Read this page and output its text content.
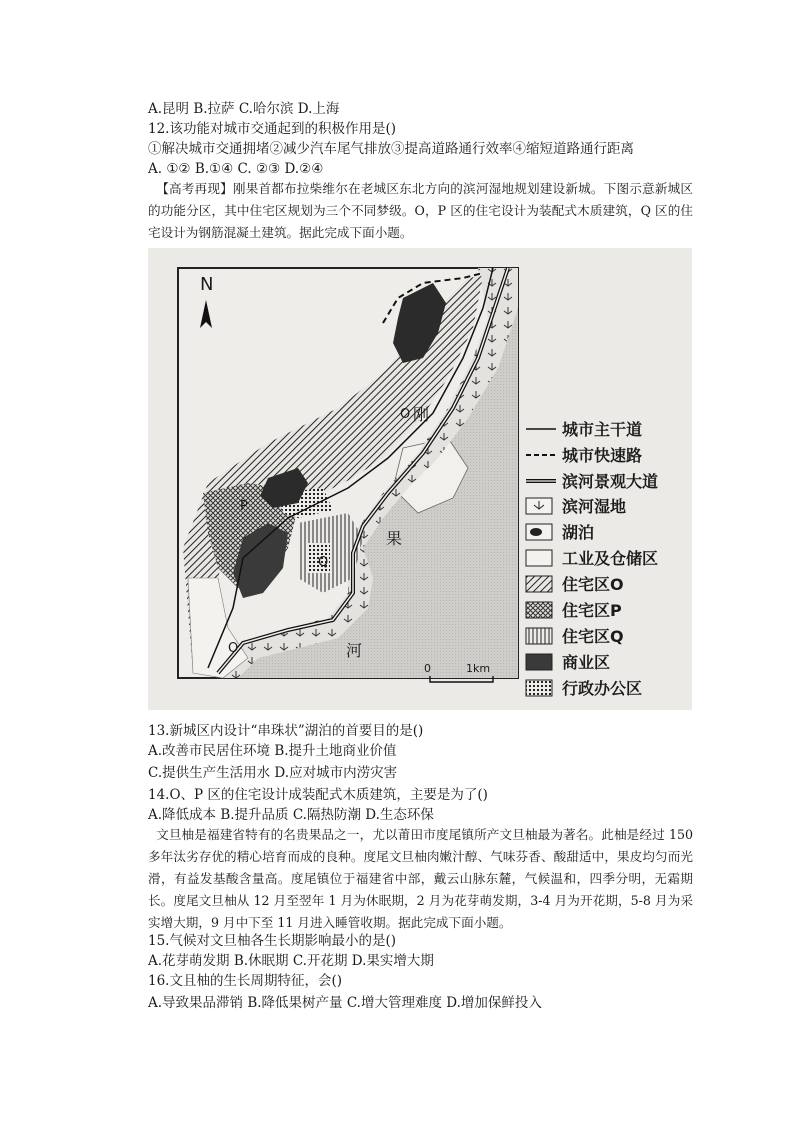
A.昆明 B.拉萨 C.哈尔滨 D.上海
12.该功能对城市交通起到的积极作用是()
①解决城市交通拥堵②减少汽车尾气排放③提高道路通行效率④缩短道路通行距离
A. ①② B.①④ C. ②③ D.②④
【高考再现】刚果首都布拉柴维尔在老城区东北方向的滨河湿地规划建设新城。下图示意新城区的功能分区，其中住宅区规划为三个不同梦级。O，P 区的住宅设计为装配式木质建筑，Q 区的住宅设计为钢筋混凝土建筑。据此完成下面小题。
N
刚
果
河
O
O
P
Q
0	1km
城市主干道
城市快速路
滨河景观大道
滨河湿地
湖泊
工业及仓储区
住宅区O
住宅区P
住宅区Q
商业区
行政办公区
13.新城区内设计“串珠状”湖泊的首要目的是()
A.改善市民居住环境 B.提升土地商业价值
C.提供生产生活用水 D.应对城市内涝灾害
14.O、P 区的住宅设计成装配式木质建筑，主要是为了()
A.降低成本 B.提升品质 C.隔热防潮 D.生态环保
文旦柚是福建省特有的名贵果品之一，尤以莆田市度尾镇所产文旦柚最为著名。此柚是经过 150 多年汰劣存优的精心培育而成的良种。度尾文旦柚肉嫩汁醇、气味芬香、酸甜适中，果皮均匀而光滑，有益发基酸含量高。度尾镇位于福建省中部，戴云山脉东麓，气候温和，四季分明，无霜期长。度尾文旦柚从 12 月至翌年 1 月为休眠期，2 月为花芽萌发期，3-4 月为开花期，5-8 月为采实增大期，9 月中下至 11 月进入睡管收期。据此完成下面小题。
15.气候对文旦柚各生长期影响最小的是()
A.花芽萌发期 B.休眠期 C.开花期 D.果实增大期
16.文且柚的生长周期特征，会()
A.导致果品滞销 B.降低果树产量 C.增大管理难度 D.增加保鲜投入
